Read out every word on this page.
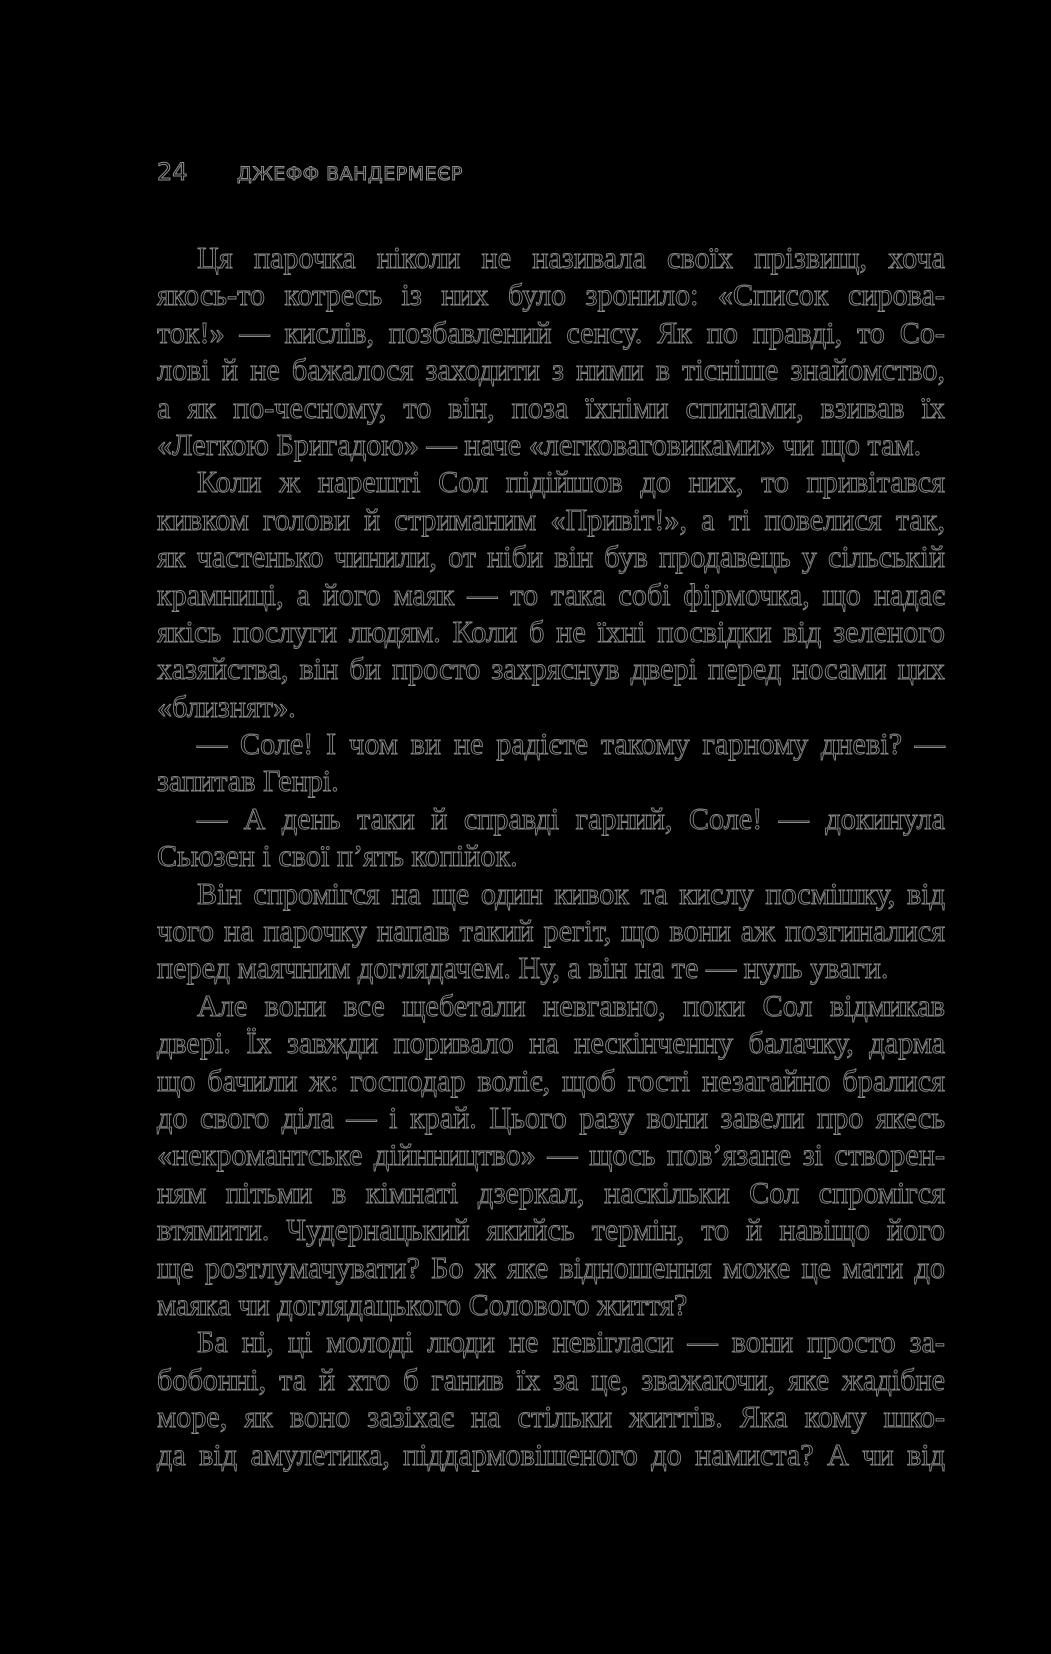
24	ДЖЕФФ ВАНДЕРМЕЄР
Ця парочка ніколи не називала своїх прізвищ, хоча
якось-то котресь із них було зронило: «Список сирова-
ток!» — кислів, позбавлений сенсу. Як по правді, то Со-
лові й не бажалося заходити з ними в тісніше знайомство,
а як по-чесному, то він, поза їхніми спинами, взивав їх
«Легкою Бригадою» — наче «легковаговиками» чи що там.
Коли ж нарешті Сол підійшов до них, то привітався
кивком голови й стриманим «Привіт!», а ті повелися так,
як частенько чинили, от ніби він був продавець у сільській
крамниці, а його маяк — то така собі фірмочка, що надає
якісь послуги людям. Коли б не їхні посвідки від зеленого
хазяйства, він би просто захряснув двері перед носами цих
«близнят».
— Соле! І чом ви не радієте такому гарному дневі? —
запитав Генрі.
— А день таки й справді гарний, Соле! — докинула
Сьюзен і свої п’ять копійок.
Він спромігся на ще один кивок та кислу посмішку, від
чого на парочку напав такий регіт, що вони аж позгиналися
перед маячним доглядачем. Ну, а він на те — нуль уваги.
Але вони все щебетали невгавно, поки Сол відмикав
двері. Їх завжди поривало на нескінченну балачку, дарма
що бачили ж: господар воліє, щоб гості незагайно бралися
до свого діла — і край. Цього разу вони завели про якесь
«некромантське дійнництво» — щось пов’язане зі створен-
ням пітьми в кімнаті дзеркал, наскільки Сол спромігся
втямити. Чудернацький якийсь термін, то й навіщо його
ще розтлумачувати? Бо ж яке відношення може це мати до
маяка чи доглядацького Солового життя?
Ба ні, ці молоді люди не невігласи — вони просто за-
бобонні, та й хто б ганив їх за це, зважаючи, яке жадібне
море, як воно зазіхає на стільки життів. Яка кому шко-
да від амулетика, піддармовішеного до намиста? А чи від
